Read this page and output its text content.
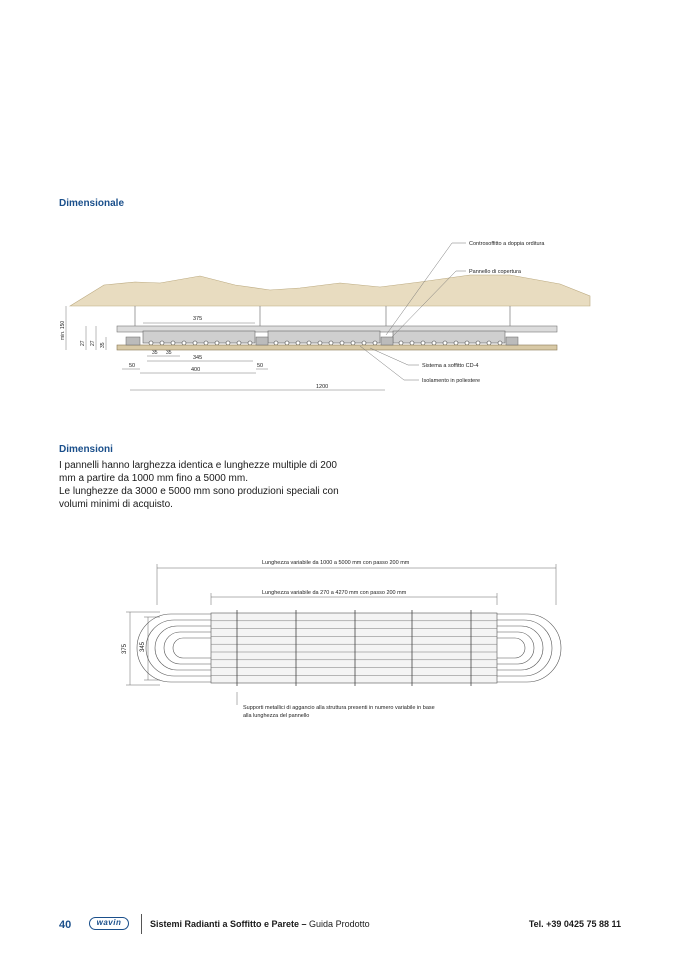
Dimensionale
Controsoffitto a doppia orditura
Pannello di copertura
Sistema a soffitto CD-4
Isolamento in poliestere
375
345
400
50	50
1200
35 35
min. 150
27 27 35
Lunghezza variabile da 1000 a 5000 mm con passo 200 mm
Lunghezza variabile da 270 a 4270 mm con passo 200 mm
375 345
Supporti metallici di aggancio alla struttura presenti in numero variabile in base
alla lunghezza del pannello
Dimensioni
I pannelli hanno larghezza identica e lunghezze multiple di 200
mm a partire da 1000 mm fino a 5000 mm.
Le lunghezze da 3000 e 5000 mm sono produzioni speciali con
volumi minimi di acquisto.
40	wavin	Sistemi Radianti a Soffitto e Parete – Guida Prodotto	Tel. +39 0425 75 88 11
